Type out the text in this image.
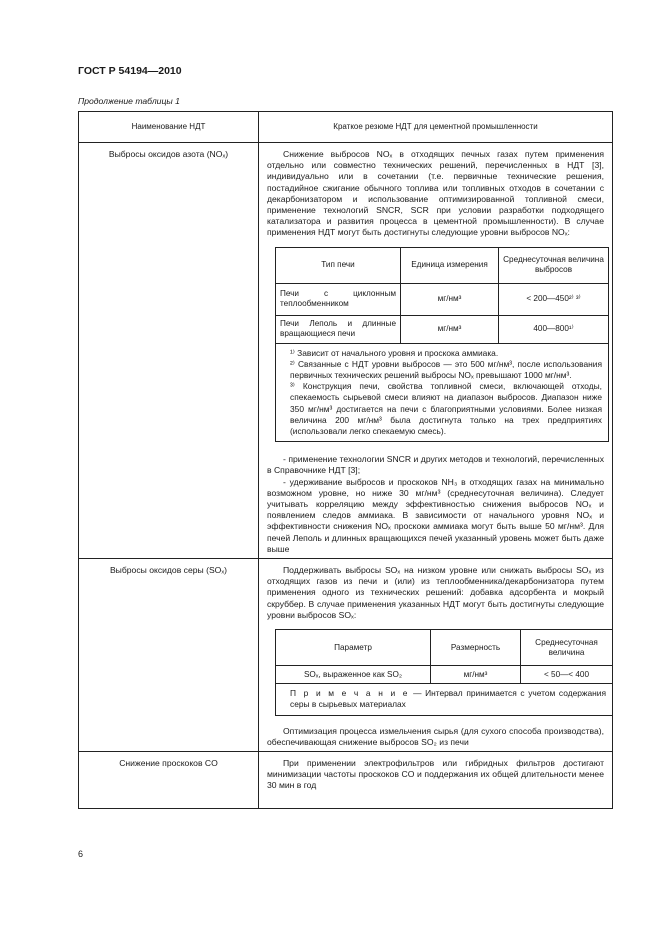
ГОСТ Р 54194—2010
Продолжение таблицы 1
Наименование НДТ	Краткое резюме НДТ для цементной промышленности
Выбросы оксидов азота (NOₓ)	Снижение выбросов NOₓ в отходящих печных газах путем применения отдельно или совместно технических решений, перечисленных в НДТ [3], индивидуально или в сочетании (т.е. первичные технические решения, постадийное сжигание обычного топлива или топливных отходов в сочетании с декарбонизатором и использование оптимизированной топливной смеси, применение технологий SNCR, SCR при условии разработки подходящего катализатора и развития процесса в цементной промышленности). В случае применения НДТ могут быть достигнуты следующие уровни выбросов NOₓ:

Тип печи	Единица измерения	Среднесуточная величина выбросов
Печи с циклонным теплообменником	мг/нм³	< 200—450²⁾ ³⁾
Печи Леполь и длинные вращающиеся печи	мг/нм³	400—800¹⁾

¹⁾ Зависит от начального уровня и проскока аммиака.

²⁾ Связанные с НДТ уровни выбросов — это 500 мг/нм³, после использования первичных технических решений выбросы NOₓ превышают 1000 мг/нм³.

³⁾ Конструкция печи, свойства топливной смеси, включающей отходы, спекаемость сырьевой смеси влияют на диапазон выбросов. Диапазон ниже 350 мг/нм³ достигается на печи с благоприятными условиями. Более низкая величина 200 мг/нм³ была достигнута только на трех предприятиях (использовали легко спекаемую смесь).

- применение технологии SNCR и других методов и технологий, перечисленных в Справочнике НДТ [3];

- удерживание выбросов и проскоков NH₃ в отходящих газах на минимально возможном уровне, но ниже 30 мг/нм³ (среднесуточная величина). Следует учитывать корреляцию между эффективностью снижения выбросов NOₓ и появлением следов аммиака. В зависимости от начального уровня NOₓ и эффективности снижения NOₓ проскоки аммиака могут быть выше 50 мг/нм³. Для печей Леполь и длинных вращающихся печей указанный уровень может быть даже выше

Выбросы оксидов серы (SOₓ)	Поддерживать выбросы SOₓ на низком уровне или снижать выбросы SOₓ из отходящих газов из печи и (или) из теплообменника/декарбонизатора путем применения одного из технических решений: добавка адсорбента и мокрый скруббер. В случае применения указанных НДТ могут быть достигнуты следующие уровни выбросов SOₓ:

Параметр	Размерность	Среднесуточная величина
SOₓ, выраженное как SO₂	мг/нм³	< 50—< 400

П р и м е ч а н и е — Интервал принимается с учетом содержания серы в сырьевых материалах

Оптимизация процесса измельчения сырья (для сухого способа производства), обеспечивающая снижение выбросов SO₂ из печи

Снижение проскоков CO	При применении электрофильтров или гибридных фильтров достигают минимизации частоты проскоков CO и поддержания их общей длительности менее 30 мин в год

6
